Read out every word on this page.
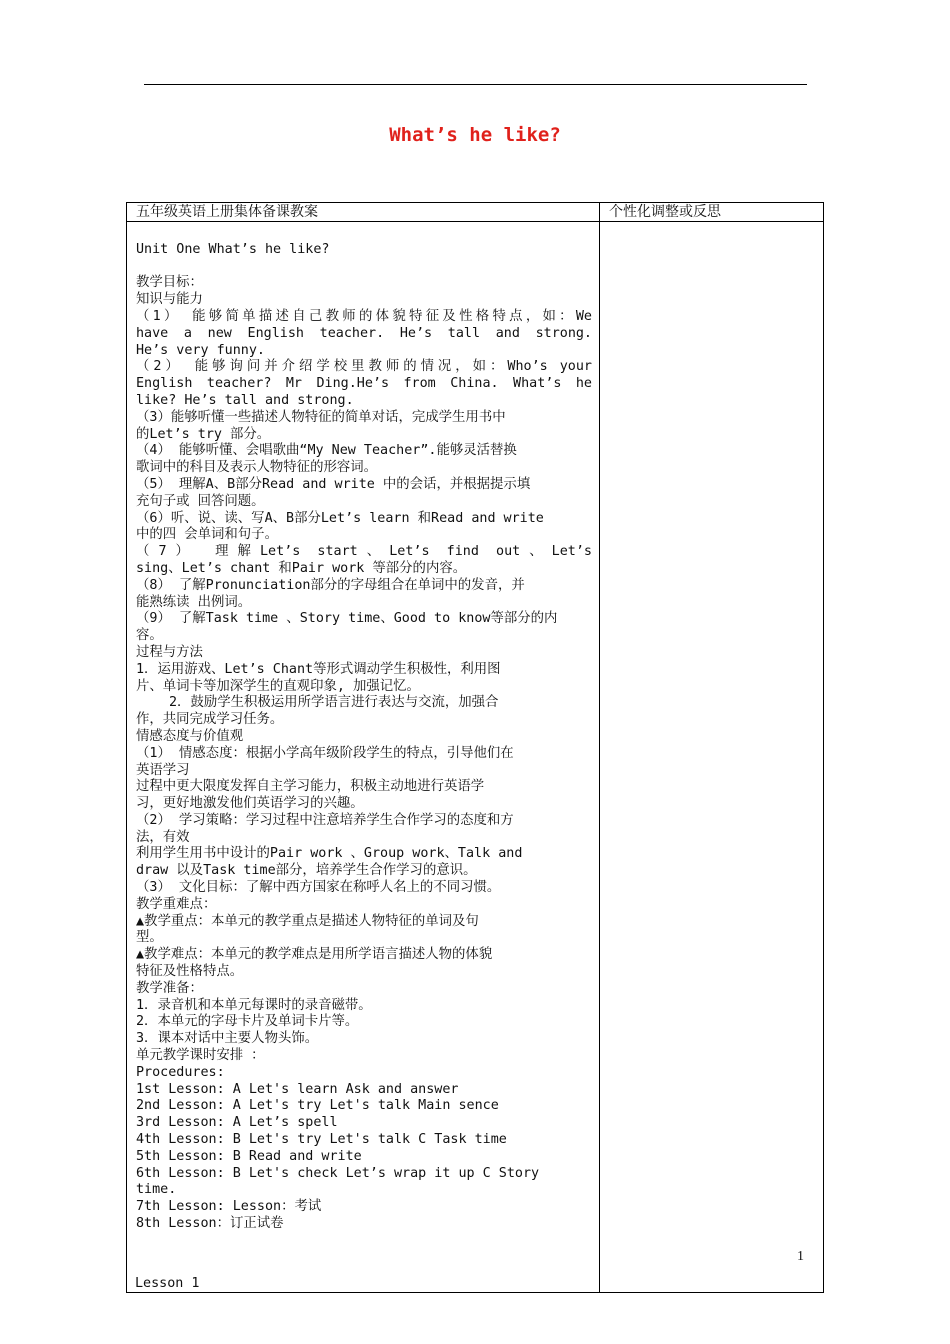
What’s he like?
五年级英语上册集体备课教案	个性化调整或反思
Unit One What’s he like?
教学目标：
知识与能力
（1） 能够简单描述自己教师的体貌特征及性格特点，如：We
have a new English teacher. He’s tall and strong.
He’s very funny.
（2） 能够询问并介绍学校里教师的情况，如：Who’s your
English teacher? Mr Ding.He’s from China. What’s he
like? He’s tall and strong.
（3）能够听懂一些描述人物特征的简单对话，完成学生用书中
的Let’s try 部分。
（4） 能够听懂、会唱歌曲“My New Teacher”.能够灵活替换
歌词中的科目及表示人物特征的形容词。
（5） 理解A、B部分Read and write 中的会话，并根据提示填
充句子或 回答问题。
（6）听、说、读、写A、B部分Let’s learn 和Read and write
中的四 会单词和句子。
（7） 理解Let’s start、Let’s find out、Let’s
sing、Let’s chant 和Pair work 等部分的内容。
（8） 了解Pronunciation部分的字母组合在单词中的发音，并
能熟练读 出例词。
（9） 了解Task time 、Story time、Good to know等部分的内
容。
过程与方法
1．运用游戏、Let’s Chant等形式调动学生积极性，利用图
片、单词卡等加深学生的直观印象, 加强记忆。
2．鼓励学生积极运用所学语言进行表达与交流，加强合
作，共同完成学习任务。
情感态度与价值观
（1） 情感态度：根据小学高年级阶段学生的特点，引导他们在
英语学习
过程中更大限度发挥自主学习能力，积极主动地进行英语学
习，更好地激发他们英语学习的兴趣。
（2） 学习策略：学习过程中注意培养学生合作学习的态度和方
法，有效
利用学生用书中设计的Pair work 、Group work、Talk and
draw 以及Task time部分，培养学生合作学习的意识。
（3） 文化目标：了解中西方国家在称呼人名上的不同习惯。
教学重难点：
▲教学重点：本单元的教学重点是描述人物特征的单词及句
型。
▲教学难点：本单元的教学难点是用所学语言描述人物的体貌
特征及性格特点。
教学准备：
1．录音机和本单元每课时的录音磁带。
2．本单元的字母卡片及单词卡片等。
3．课本对话中主要人物头饰。
单元教学课时安排 ：
Procedures:
1st Lesson: A Let's learn Ask and answer
2nd Lesson: A Let's try Let's talk Main sence
3rd Lesson: A Let’s spell
4th Lesson: B Let's try Let's talk C Task time
5th Lesson: B Read and write
6th Lesson: B Let's check Let’s wrap it up C Story
time.
7th Lesson: Lesson：考试
8th Lesson：订正试卷
1
Lesson 1
